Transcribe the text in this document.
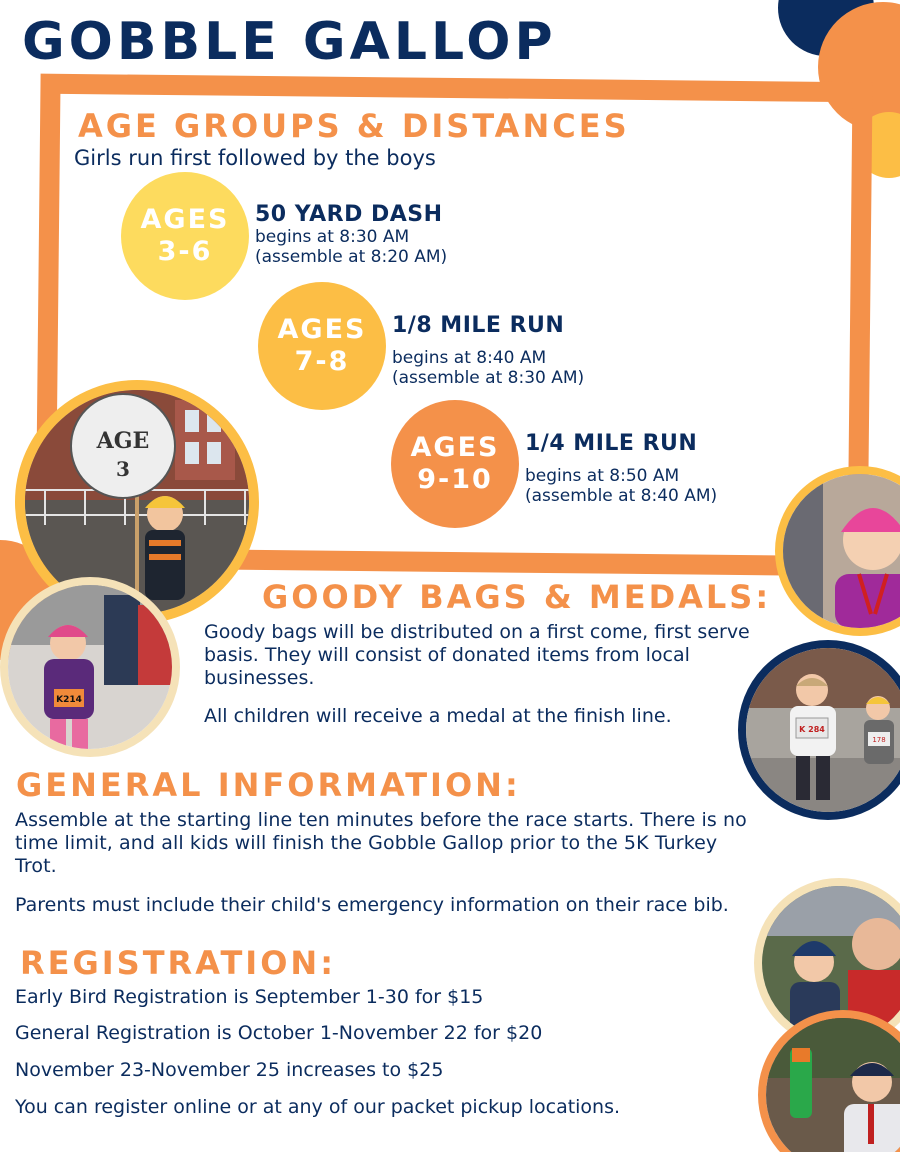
GOBBLE GALLOP
AGE GROUPS & DISTANCES
Girls run first followed by the boys
AGES
3-6
50 YARD DASH
begins at 8:30 AM
(assemble at 8:20 AM)
AGES
7-8
1/8 MILE RUN
begins at 8:40 AM
(assemble at 8:30 AM)
AGES
9-10
1/4 MILE RUN
begins at 8:50 AM
(assemble at 8:40 AM)
AGE
3
K214
K 284
178
GOODY BAGS & MEDALS:
Goody bags will be distributed on a first come, first serve basis. They will consist of donated items from local businesses.
All children will receive a medal at the finish line.
GENERAL INFORMATION:
Assemble at the starting line ten minutes before the race starts. There is no time limit, and all kids will finish the Gobble Gallop prior to the 5K Turkey Trot.
Parents must include their child's emergency information on their race bib.
REGISTRATION:
Early Bird Registration is September 1-30 for $15
General Registration is October 1-November 22 for $20
November 23-November 25 increases to $25
You can register online or at any of our packet pickup locations.
